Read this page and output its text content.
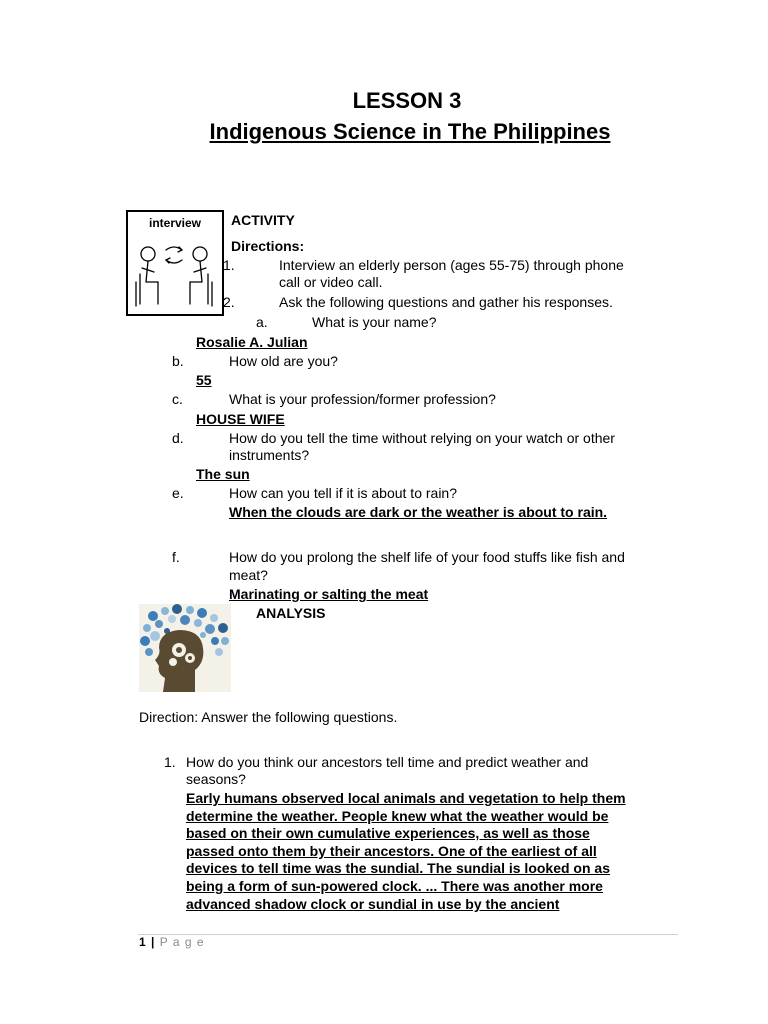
LESSON 3
Indigenous Science in The Philippines
interview	ACTIVITY
Directions:
1.	Interview an elderly person (ages 55-75) through phone
call or video call.
2.	Ask the following questions and gather his responses.
a.	What is your name?
Rosalie A. Julian
b.	How old are you?
55
c.	What is your profession/former profession?
HOUSE WIFE
d.	How do you tell the time without relying on your watch or other
instruments?
The sun
e.	How can you tell if it is about to rain?
When the clouds are dark or the weather is about to rain.
f.	How do you prolong the shelf life of your food stuffs like fish and
meat?
Marinating or salting the meat
ANALYSIS
Direction: Answer the following questions.
1. How do you think our ancestors tell time and predict weather and
seasons?
Early humans observed local animals and vegetation to help them
determine the weather. People knew what the weather would be
based on their own cumulative experiences, as well as those
passed onto them by their ancestors. One of the earliest of all
devices to tell time was the sundial. The sundial is looked on as
being a form of sun-powered clock. ... There was another more
advanced shadow clock or sundial in use by the ancient
1 | P a g e
